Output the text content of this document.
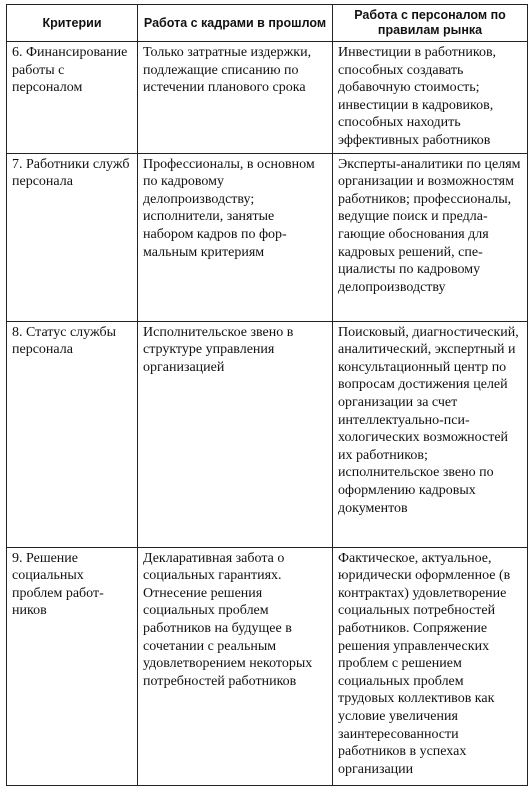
Критерии	Работа с кадрами в прошлом	Работа с персоналом по правилам рынка

6. Финансирование работы с персоналом	Только затратные издержки, подлежащие списанию по истечении планового срока	Инвестиции в работников, способных создавать добавочную стоимость; инвестиции в кадровиков, способных находить эффективных работников

7. Работники служб персонала	Профессионалы, в основном по кадровому делопроизводству; исполнители, занятые набором кадров по формальным критериям	Эксперты-аналитики по целям организации и возможностям работников; профессионалы, ведущие поиск и предлагающие обоснования для кадровых решений, специалисты по кадровому делопроизводству

8. Статус службы персонала	Исполнительское звено в структуре управления организацией	Поисковый, диагностический, аналитический, экспертный и консультационный центр по вопросам достижения целей организации за счет интеллектуально-психологических возможностей их работников; исполнительское звено по оформлению кадровых документов

9. Решение социальных проблем работников	Декларативная забота о социальных гарантиях. Отнесение решения социальных проблем работников на будущее в сочетании с реальным удовлетворением некоторых потребностей работников	Фактическое, актуальное, юридически оформленное (в контрактах) удовлетворение социальных потребностей работников. Сопряжение решения управленческих проблем с решением социальных проблем трудовых коллективов как условие увеличения заинтересованности работников в успехах организации
